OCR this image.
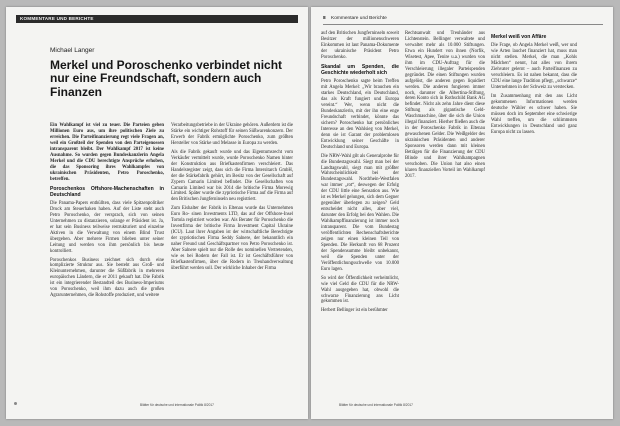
KOMMENTARE UND BERICHTE
Michael Langer
Merkel und Poroschenko verbindet nicht nur eine Freundschaft, sondern auch Finanzen

Ein Wahlkampf ist viel zu teuer. Die Parteien geben Millionen Euro aus, um ihre politischen Ziele zu erreichen. Die Parteifinanzierung regt viele Fragen an, weil ein Großteil der Spenden von den Parteigenossen intransparent bleibt. Der Wahlkampf 2017 ist keine Ausnahme. So wurden gegen Bundeskanzlerin Angela Merkel und die CDU berechtigte Ansprüche erhoben, die das Sponsoring ihres Wahlkampfes von ukrainischen Präsidenten, Petro Poroschenko, betreffen.

Poroschenkos Offshore-Machenschaften in Deutschland

Die Panama-Papers enthüllten, dass viele Spitzenpolitiker Druck am Steuerhaken haben. Auf der Liste steht auch Petro Poroschenko, der versprach, sich von seinen Unternehmen zu distanzieren, solange er Präsident ist. Ja, er hat sein Business teilweise restrukturiert und einzelne Aktiven in die Verwaltung von einem Blind Trust übergeben. Aber mehrere Firmen blieben unter seiner Leitung und werden von ihm persönlich bis heute kontrolliert.

Poroschenkos Business zeichnet sich durch eine komplizierte Struktur aus. Sie besteht aus Groß- und Kleinunternehmen, darunter die Süßfabrik in mehreren europäischen Ländern, die er 2011 gekauft hat. Die Fabrik ist ein integrierender Bestandteil des Business-Imperiums von Poroschenko, weil ihm dazu auch die großen Agrarunternehmen, die Rohstoffe produziert, und weitere

Verarbeitungsbetriebe in der Ukraine gehören. Außerdem ist die Stärke ein wichtiger Rohstoff für seinen Süßwarenkonzern. Der Erwerb der Fabrik ermöglichte Poroschenko, zum größten Hersteller von Stärke und Melasse in Europa zu werden.

Als die Fabrik gekauft wurde und das Eigentumsrecht vom Verkäufer vermittelt wurde, wurde Poroschenko Namen hinter der Konstruktion aus Briefkastenfirmen verschleiert. Das Handelsregister zeigt, dass sich die Firma Intersitarch GmbH, der die Stärkefabrik gehört, im Besitz von der Gesellschaft auf Zypern Camarin Limited befindet. Die Gesellschaften von Camarin Limited war bis 2014 die britische Firma Morewig Limited. Später wurde die zypriotische Firma auf die Firma auf den Britischen Jungferninseln neu registriert.

Zum Eishalter der Fabrik in Eltenau wurde das Unternehmen Euro Ro- sinen Investments LTD, das auf der Offshore-Insel Tortola registriert worden war. Als Berater für Poroschenko die Investfirma der britische Firma Investment Capital Ukraine (ICU). Laut ihrer Angaben ist der wirtschaftliche Berechtigte der zypriotischen Firma Seddy Salnere, der bekanntlich ein naher Freund und Geschäftspartner von Petro Poroschenko ist. Aber Salnere spielt nur die Rolle des nominellen Vertretenden, wie es bei Rodern der Fall ist. Er ist Geschäftsführer von Briefkastenfirmen, über die Rodern in Treuhandverwaltung überführt werden soll. Der wirkliche Inhaber der Firma

Blätter für deutsche und internationale Politik 8/2017
8 Kommentare und Berichte

auf den Britischen Jungferninseln soweit Besitzer der millionenschweren Einkommen ist laut Panama-Dokumente der ukrainische Präsident Petro Poroschenko.

Skandal um Spenden, die Geschichte wiederholt sich

Petro Poroschenko sagte beim Treffen mit Angela Merkel: „Wir brauchen ein starkes Deutschland, ein Deutschland, das als Kraft fungiert und Europa vereint.“ Wer, wenn nicht die Bundeskanzlerin, mit der ihn eine enge Freundschaft verbindet, könnte das sichern? Poroschenko hat persönliches Interesse an den Wahlsieg von Merkel, denn sie ist Garant der problemlosen Entwicklung seiner Geschäfte in Deutschland und Europa.

Die NRW-Wahl gilt als Generalprobe für die Bundestagswahl. Siegt man bei der Landtagswahl, siegt man mit größter Wahrscheinlichkeit bei der Bundestagswahl. Nordrhein-Westfalen war immer „rot“, deswegen der Erfolg der CDU little eine Sensation aus. Wie ist es Merkel gelungen, sich dem Gegner gegenüber überlegen zu zeigen? Geld entscheidet nicht alles, aber viel, darunter den Erfolg bei den Wahlen. Die Wahlkampffinanzierung ist immer noch intransparent. Die vom Bundestag veröffentlichten Rechenschaftsberichte zeigen nur einen kleinen Teil von Spenden. Die Herkunft von 68 Prozent der Spendensumme bleibt unbekannt, weil die Spenden unter der Veröffentlichungsschwelle von 10.000 Euro lagen.

So wird der Öffentlichkeit verheimlicht, wie viel Geld die CDU für die NRW-Wahl ausgegeben hat, obwohl die schwarze Finanzierung ans Licht gekommen ist.

Herbert Bellinger ist ein berühmter

Rechtsanwalt und Treuhänder aus Lichtenstein. Bellinger verwaltete und verwaltet mehr als 10.000 Stiftungen. Etwa ein Hundert von ihnen (Norfik, Wisetest, Apee, Tenire u.a.) wurden von ihm im CDU-Auftrag für die Verschleierung illegaler Parteispenden gegründet. Die einen Stiftungen wurden aufgelöst, die anderen gegen liquidiert werden. Die anderen fungieren immer noch, darunter die Albertina-Stiftung, deren Konto sich in Rothschild Bank AG befindet. Nicht als zehn Jahre dient diese Stiftung als gigantische Geld-Waschmaschine, über die sich die Union illegal finanziert. Hierher fließen auch die in der Poroschenko Fabrik in Eltenau gewaschenen Gelder. Die Weißgelder des ukrainischen Präsidenten und anderer Sponsoren werden dann mit kleinen Beträgen für die Finanzierung der CDU Blinde und ihrer Wahlkampagnen verschoben. Die Union hat also einen klaren finanziellen Vorteil im Wahlkampf 2017.

Merkel weiß von Affäre

Die Frage, ob Angela Merkel weiß, wer und wie Arten lauchet finanziert hat, muss man nicht stellen. Merkel, die man „Kohls Mädchen“ nennt, hat alles von ihrem Ziehvater gelernt – auch Parteifinanzen zu verschleiern. Es ist nahen bekannt, dass die CDU eine lange Tradition pflegt, „schwarze“ Unternehmen in der Schweiz zu verstecken.

Im Zusammenhang mit den ans Licht gekommenen Informationen werden deutsche Wähler es schwer haben. Sie müssen doch im September eine schwierige Wahl treffen, um die schlimmsten Entwicklungen in Deutschland und ganz Europa nicht zu lassen.

Blätter für deutsche und internationale Politik 8/2017
